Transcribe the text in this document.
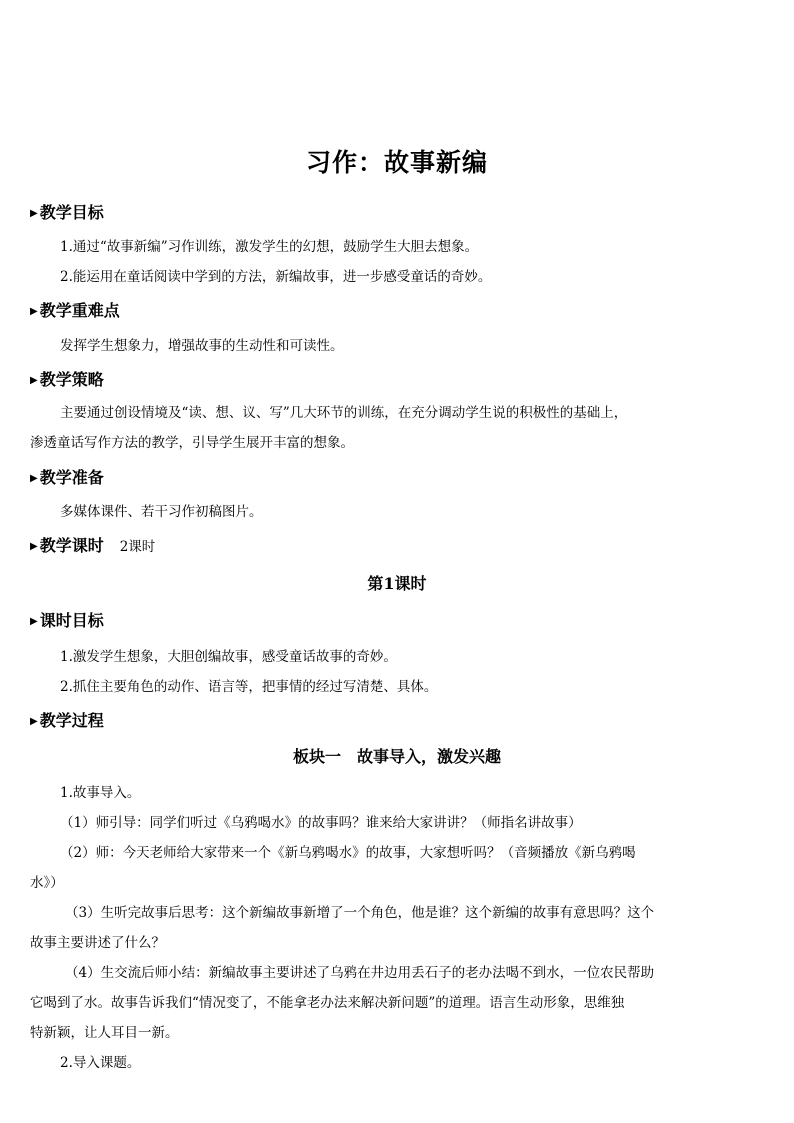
习作：故事新编
▶ 教学目标
1.通过“故事新编”习作训练，激发学生的幻想，鼓励学生大胆去想象。
2.能运用在童话阅读中学到的方法，新编故事，进一步感受童话的奇妙。
▶ 教学重难点
发挥学生想象力，增强故事的生动性和可读性。
▶ 教学策略
主要通过创设情境及“读、想、议、写”几大环节的训练，在充分调动学生说的积极性的基础上，
渗透童话写作方法的教学，引导学生展开丰富的想象。
▶ 教学准备
多媒体课件、若干习作初稿图片。
▶ 教学课时 2课时
第1课时
▶ 课时目标
1.激发学生想象，大胆创编故事，感受童话故事的奇妙。
2.抓住主要角色的动作、语言等，把事情的经过写清楚、具体。
▶ 教学过程
板块一　故事导入，激发兴趣
1.故事导入。
（1）师引导：同学们听过《乌鸦喝水》的故事吗？谁来给大家讲讲？（师指名讲故事）
（2）师：今天老师给大家带来一个《新乌鸦喝水》的故事，大家想听吗？（音频播放《新乌鸦喝
水》）
（3）生听完故事后思考：这个新编故事新增了一个角色，他是谁？这个新编的故事有意思吗？这个
故事主要讲述了什么？
（4）生交流后师小结：新编故事主要讲述了乌鸦在井边用丢石子的老办法喝不到水，一位农民帮助
它喝到了水。故事告诉我们“情况变了，不能拿老办法来解决新问题”的道理。语言生动形象，思维独
特新颖，让人耳目一新。
2.导入课题。
